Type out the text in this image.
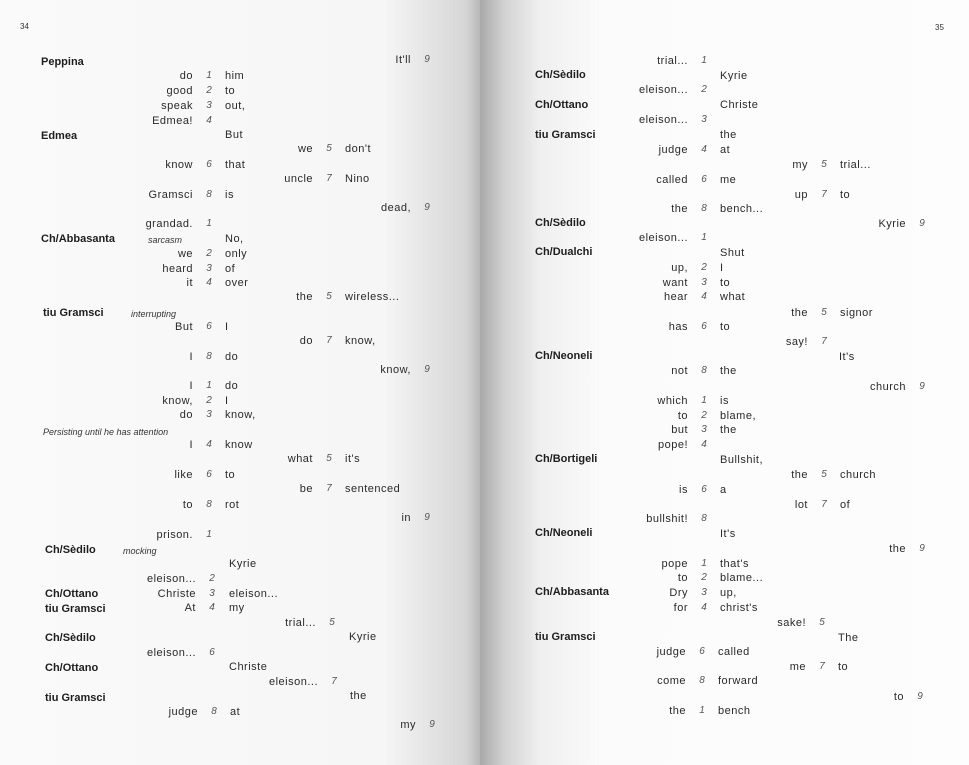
34
Peppina	It'll 9
do 1 him
good 2 to
speak 3 out,
Edmea! 4
Edmea	But
we 5 don't
know 6 that
uncle 7 Nino
Gramsci 8 is
dead, 9
grandad. 1
Ch/Abbasanta	sarcasm	No,
we 2 only
heard 3 of
it 4 over
the 5 wireless...
tiu Gramsci	interrupting
But 6 I
do 7 know,
I 8 do
know, 9
I 1 do
know, 2 I
do 3 know,
Persisting until he has attention
I 4 know
what 5 it's
like 6 to
be 7 sentenced
to 8 rot
in 9
prison. 1
Ch/Sèdilo	mocking
Kyrie
eleison... 2
Ch/Ottano	Christe 3 eleison...
tiu Gramsci	At 4 my
trial... 5
Ch/Sèdilo	Kyrie
eleison... 6
Ch/Ottano	Christe
eleison... 7
tiu Gramsci	the
judge 8 at
my 9
35
trial... 1
Ch/Sèdilo	Kyrie
eleison... 2
Ch/Ottano	Christe
eleison... 3
tiu Gramsci	the
judge 4 at
my 5 trial...
called 6 me
up 7 to
the 8 bench...
Ch/Sèdilo	Kyrie 9
eleison... 1
Ch/Dualchi	Shut
up, 2 I
want 3 to
hear 4 what
the 5 signor
has 6 to
say! 7
Ch/Neoneli	It's
not 8 the
church 9
which 1 is
to 2 blame,
but 3 the
pope! 4
Ch/Bortigeli	Bullshit,
the 5 church
is 6 a
lot 7 of
bullshit! 8
Ch/Neoneli	It's
the 9
pope 1 that's
to 2 blame...
Ch/Abbasanta	Dry 3 up,
for 4 christ's
sake! 5
tiu Gramsci	The
judge 6 called
me 7 to
come 8 forward
to 9
the 1 bench
